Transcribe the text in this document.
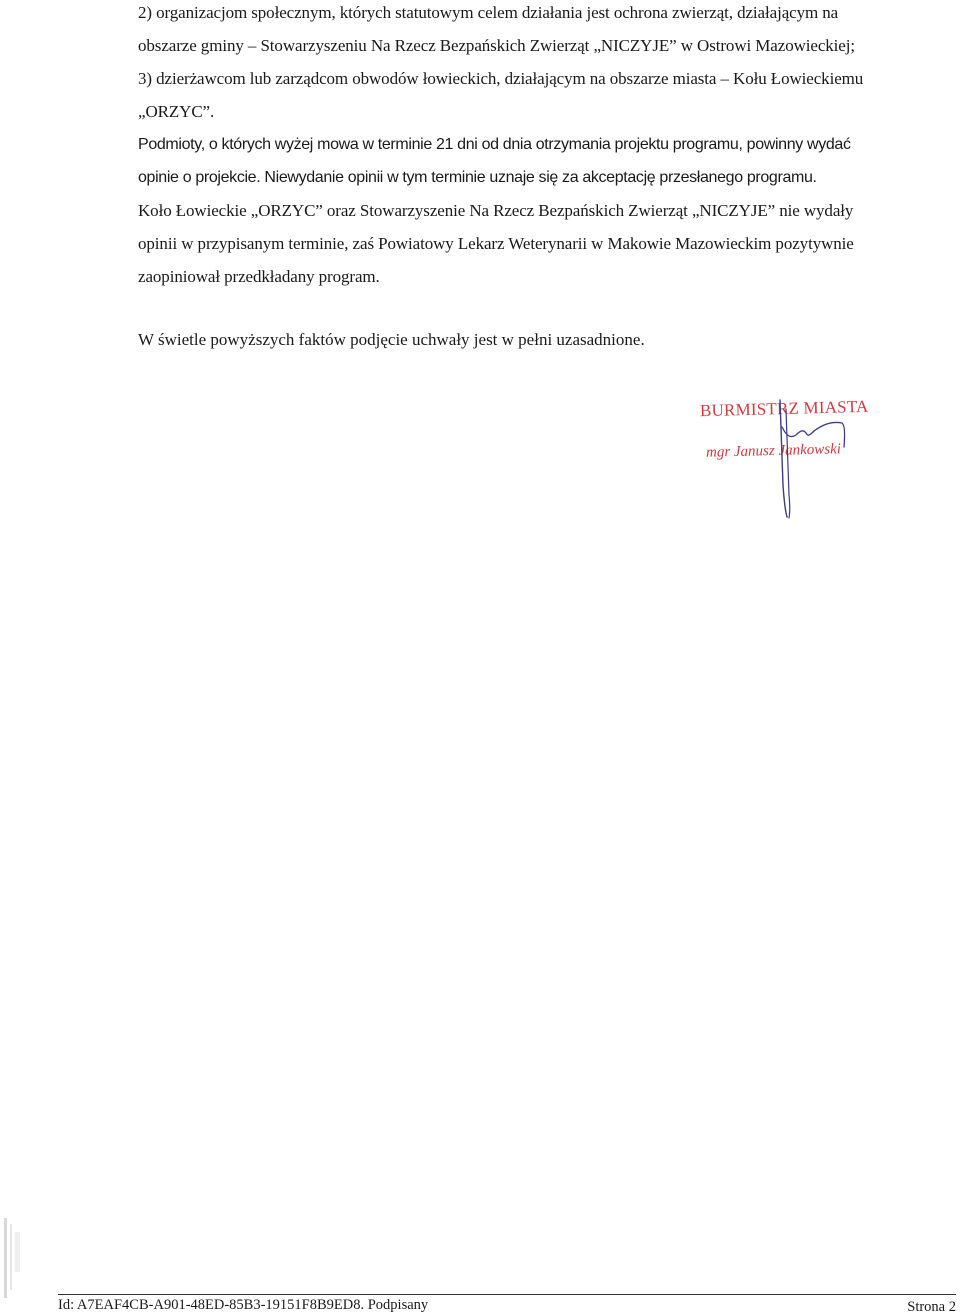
2) organizacjom społecznym, których statutowym celem działania jest ochrona zwierząt, działającym na

obszarze gminy – Stowarzyszeniu Na Rzecz Bezpańskich Zwierząt „NICZYJE” w Ostrowi Mazowieckiej;

3) dzierżawcom lub zarządcom obwodów łowieckich, działającym na obszarze miasta – Kołu Łowieckiemu

„ORZYC”.

Podmioty, o których wyżej mowa w terminie 21 dni od dnia otrzymania projektu programu, powinny wydać

opinie o projekcie. Niewydanie opinii w tym terminie uznaje się za akceptację przesłanego programu.

Koło Łowieckie „ORZYC” oraz Stowarzyszenie Na Rzecz Bezpańskich Zwierząt „NICZYJE” nie wydały

opinii w przypisanym terminie, zaś Powiatowy Lekarz Weterynarii w Makowie Mazowieckim pozytywnie

zaopiniował przedkładany program.

W świetle powyższych faktów podjęcie uchwały jest w pełni uzasadnione.

BURMISTRZ MIASTA
mgr Janusz Jankowski
Id: A7EAF4CB-A901-48ED-85B3-19151F8B9ED8. Podpisany	Strona 2
